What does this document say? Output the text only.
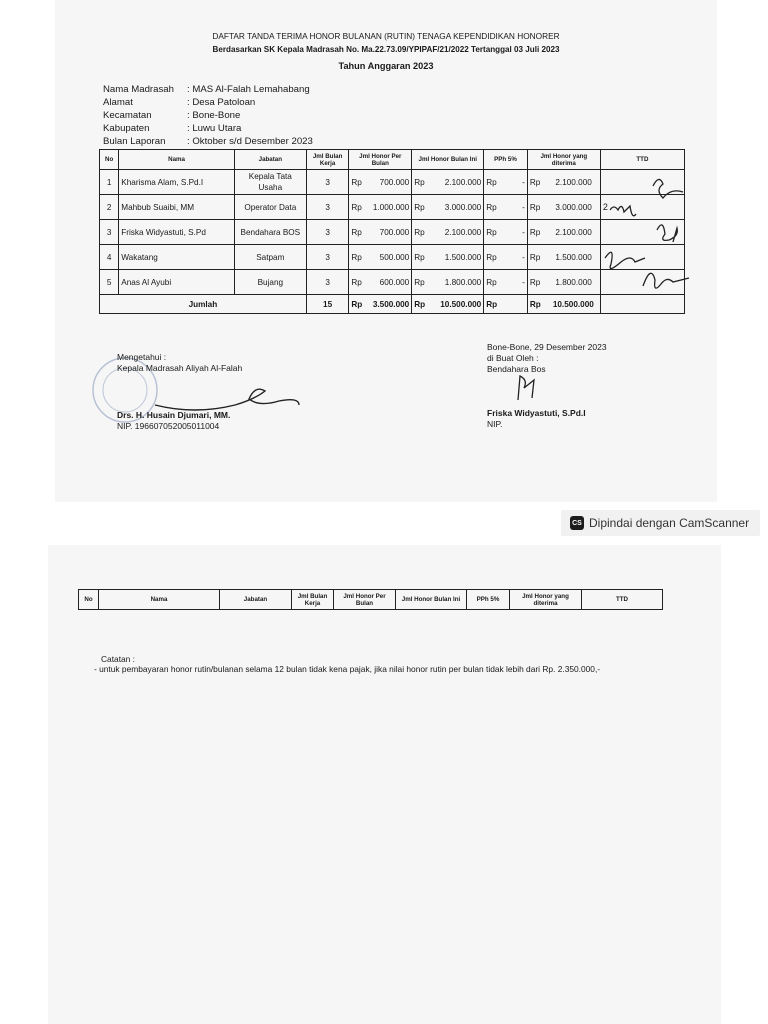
DAFTAR TANDA TERIMA HONOR BULANAN (RUTIN) TENAGA KEPENDIDIKAN HONORER
Berdasarkan SK Kepala Madrasah No. Ma.22.73.09/YPIPAF/21/2022 Tertanggal 03 Juli 2023
Tahun Anggaran 2023
Nama Madrasah : MAS Al-Falah Lemahabang
Alamat	: Desa Patoloan
Kecamatan	: Bone-Bone
Kabupaten	: Luwu Utara
Bulan Laporan : Oktober s/d Desember 2023
No	Nama	Jabatan	Jml Bulan Kerja	Jml Honor Per Bulan	Jml Honor Bulan Ini	PPh 5%	Jml Honor yang diterima	TTD
1	Kharisma Alam, S.Pd.I	Kepala Tata Usaha	3	Rp 700.000	Rp 2.100.000	Rp -	Rp 2.100.000	

2	Mahbub Suaibi, MM	Operator Data	3	Rp 1.000.000	Rp 3.000.000	Rp -	Rp 3.000.000	2
3	Friska Widyastuti, S.Pd	Bendahara BOS	3	Rp 700.000	Rp 2.100.000	Rp -	Rp 2.100.000	

4	Wakatang	Satpam	3	Rp 500.000	Rp 1.500.000	Rp -	Rp 1.500.000	

5	Anas Al Ayubi	Bujang	3	Rp 600.000	Rp 1.800.000	Rp -	Rp 1.800.000	

Jumlah			15	Rp 3.500.000	Rp 10.500.000	Rp	Rp 10.500.000	

Mengetahui :
Kepala Madrasah Aliyah Al-Falah
Drs. H. Husain Djumari, MM.
NIP. 196607052005011004
Bone-Bone, 29 Desember 2023
di Buat Oleh :
Bendahara Bos
Friska Widyastuti, S.Pd.I
NIP.
CS Dipindai dengan CamScanner
No	Nama	Jabatan	Jml Bulan Kerja	Jml Honor Per Bulan	Jml Honor Bulan Ini	PPh 5%	Jml Honor yang diterima	TTD
Catatan :
- untuk pembayaran honor rutin/bulanan selama 12 bulan tidak kena pajak, jika nilai honor rutin per bulan tidak lebih dari Rp. 2.350.000,-
